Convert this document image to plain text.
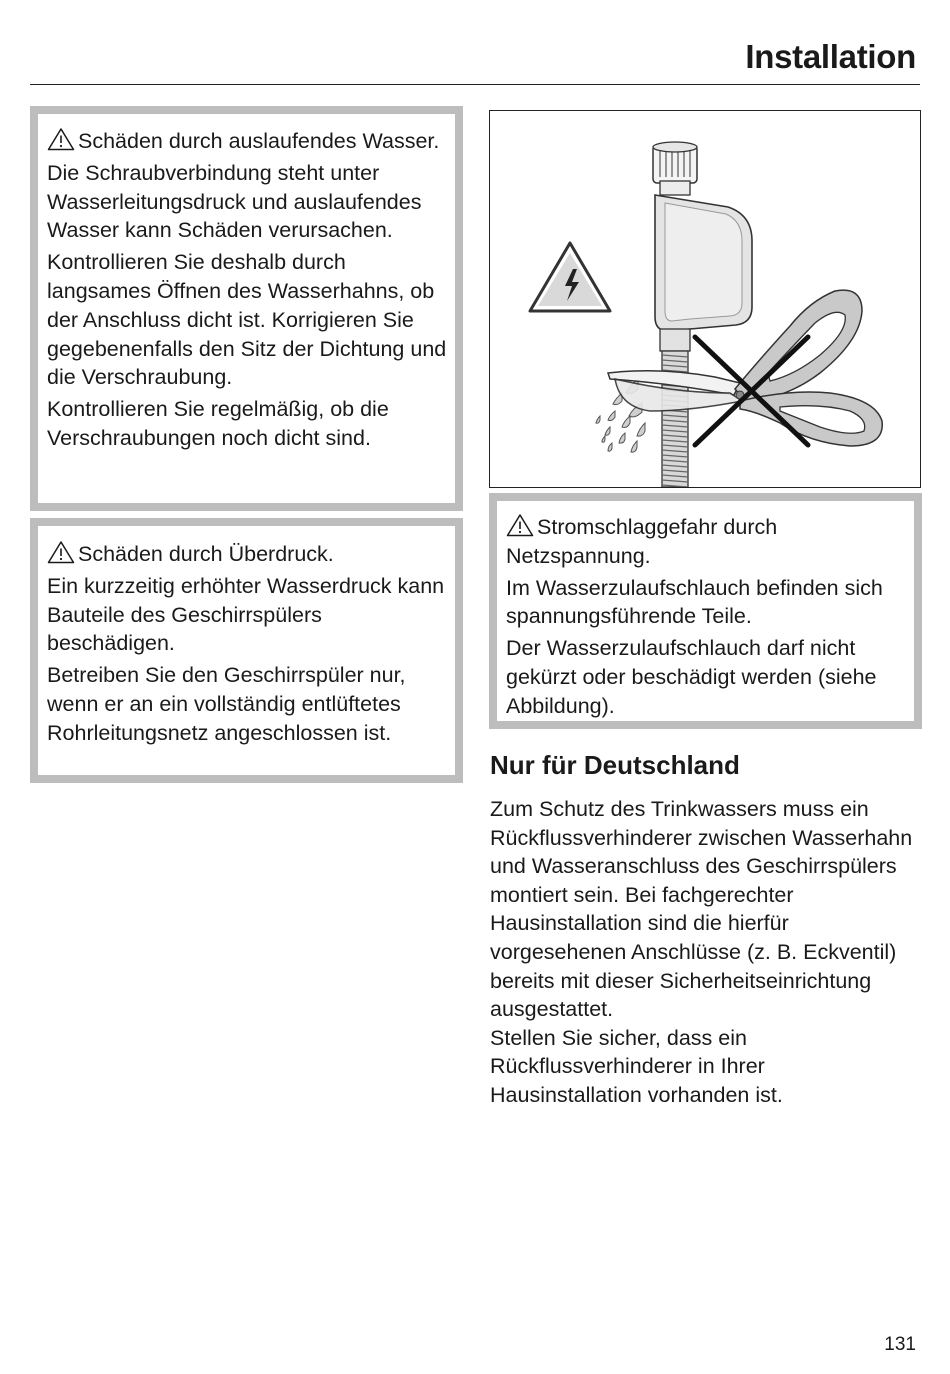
Installation

Schäden durch auslaufendes Wasser.

Die Schraubverbindung steht unter Wasserleitungsdruck und auslaufendes Wasser kann Schäden verursachen.

Kontrollieren Sie deshalb durch langsames Öffnen des Wasserhahns, ob der Anschluss dicht ist. Korrigieren Sie gegebenenfalls den Sitz der Dichtung und die Verschraubung.

Kontrollieren Sie regelmäßig, ob die Verschraubungen noch dicht sind.

Schäden durch Überdruck.

Ein kurzzeitig erhöhter Wasserdruck kann Bauteile des Geschirrspülers beschädigen.

Betreiben Sie den Geschirrspüler nur, wenn er an ein vollständig entlüftetes Rohrleitungsnetz angeschlossen ist.

Stromschlaggefahr durch Netzspannung.

Im Wasserzulaufschlauch befinden sich spannungsführende Teile.

Der Wasserzulaufschlauch darf nicht gekürzt oder beschädigt werden (siehe Abbildung).

Nur für Deutschland

Zum Schutz des Trinkwassers muss ein Rückflussverhinderer zwischen Wasserhahn und Wasseranschluss des Geschirrspülers montiert sein. Bei fachgerechter Hausinstallation sind die hierfür vorgesehenen Anschlüsse (z. B. Eckventil) bereits mit dieser Sicherheitseinrichtung ausgestattet.

Stellen Sie sicher, dass ein Rückflussverhinderer in Ihrer Hausinstallation vorhanden ist.

131
